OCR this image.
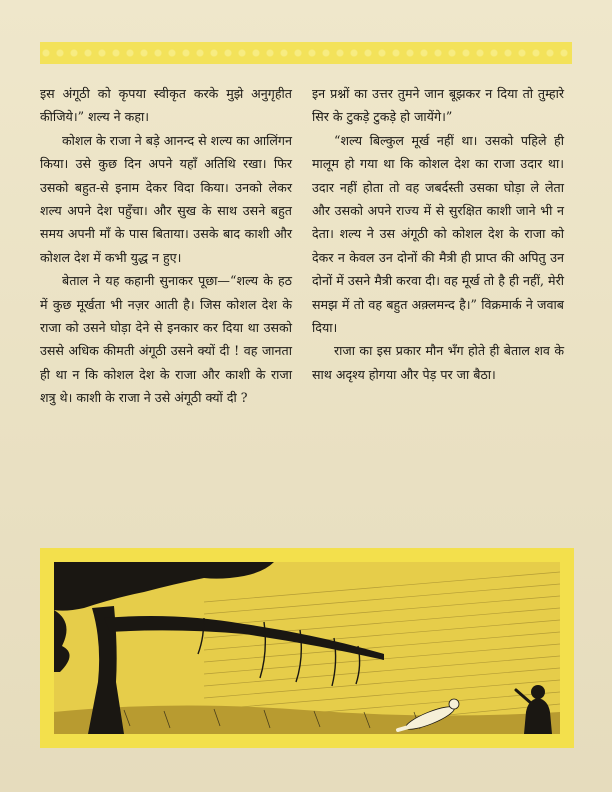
इस अंगूठी को कृपया स्वीकृत करके मुझे अनुगृहीत कीजिये।” शल्य ने कहा।

कोशल के राजा ने बड़े आनन्द से शल्य का आलिंगन किया। उसे कुछ दिन अपने यहाँ अतिथि रखा। फिर उसको बहुत-से इनाम देकर विदा किया। उनको लेकर शल्य अपने देश पहुँचा। और सुख के साथ उसने बहुत समय अपनी माँ के पास बिताया। उसके बाद काशी और कोशल देश में कभी युद्ध न हुए।

बेताल ने यह कहानी सुनाकर पूछा—“शल्य के हठ में कुछ मूर्खता भी नज़र आती है। जिस कोशल देश के राजा को उसने घोड़ा देने से इनकार कर दिया था उसको उससे अधिक कीमती अंगूठी उसने क्यों दी ! वह जानता ही था न कि कोशल देश के राजा और काशी के राजा शत्रु थे। काशी के राजा ने उसे अंगूठी क्यों दी ?

इन प्रश्नों का उत्तर तुमने जान बूझकर न दिया तो तुम्हारे सिर के टुकड़े टुकड़े हो जायेंगे।”

“शल्य बिल्कुल मूर्ख नहीं था। उसको पहिले ही मालूम हो गया था कि कोशल देश का राजा उदार था। उदार नहीं होता तो वह जबर्दस्ती उसका घोड़ा ले लेता और उसको अपने राज्य में से सुरक्षित काशी जाने भी न देता। शल्य ने उस अंगूठी को कोशल देश के राजा को देकर न केवल उन दोनों की मैत्री ही प्राप्त की अपितु उन दोनों में उसने मैत्री करवा दी। वह मूर्ख तो है ही नहीं, मेरी समझ में तो वह बहुत अक़्लमन्द है।” विक्रमार्क ने जवाब दिया।

राजा का इस प्रकार मौन भँग होते ही बेताल शव के साथ अदृश्य होगया और पेड़ पर जा बैठा।
